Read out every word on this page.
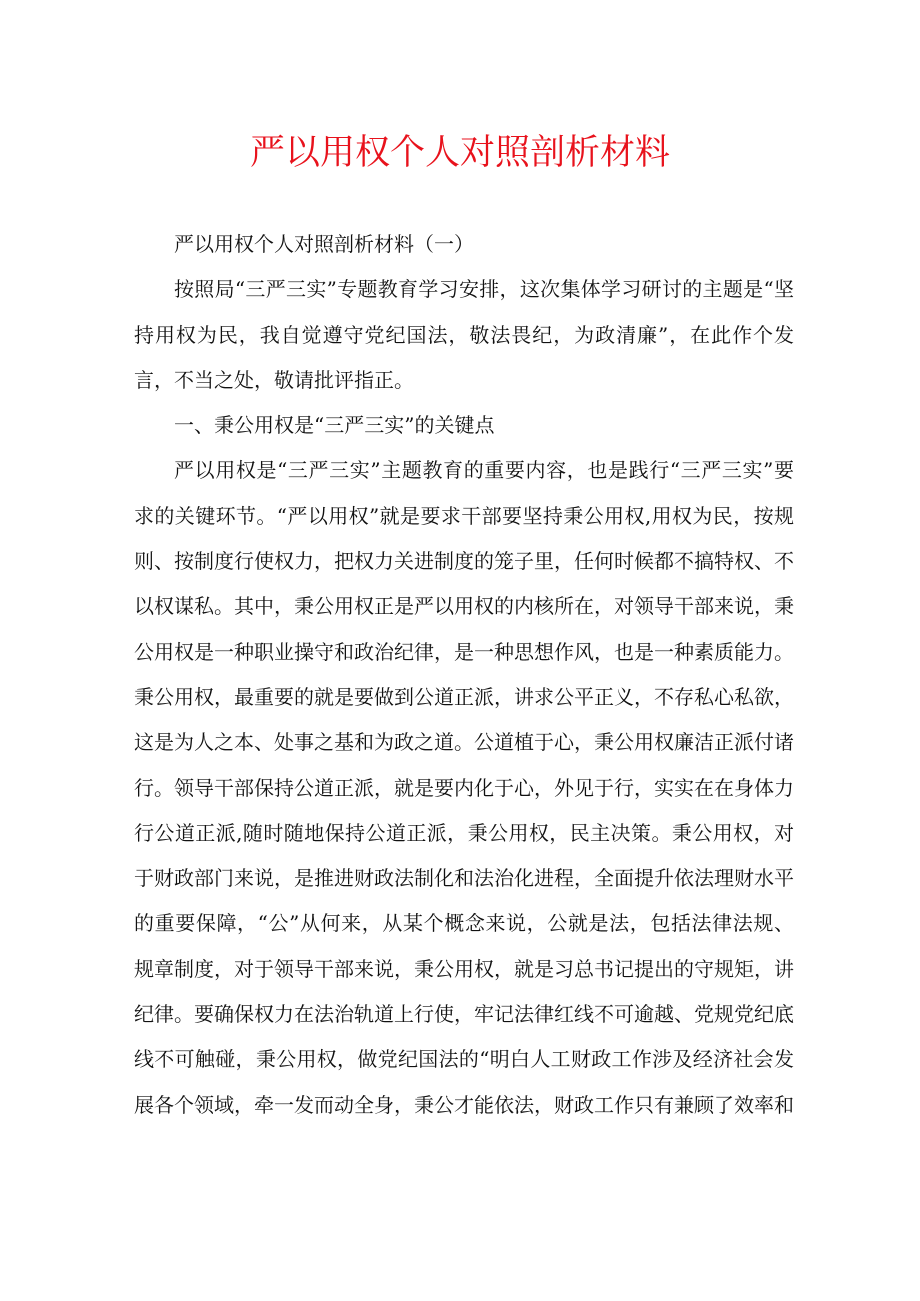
严以用权个人对照剖析材料

严以用权个人对照剖析材料（一）

按照局“三严三实”专题教育学习安排，这次集体学习研讨的主题是“坚持用权为民，我自觉遵守党纪国法，敬法畏纪，为政清廉”，在此作个发言，不当之处，敬请批评指正。

一、秉公用权是“三严三实”的关键点

严以用权是“三严三实”主题教育的重要内容，也是践行“三严三实”要求的关键环节。“严以用权”就是要求干部要坚持秉公用权,用权为民，按规则、按制度行使权力，把权力关进制度的笼子里，任何时候都不搞特权、不以权谋私。其中，秉公用权正是严以用权的内核所在，对领导干部来说，秉公用权是一种职业操守和政治纪律，是一种思想作风，也是一种素质能力。秉公用权，最重要的就是要做到公道正派，讲求公平正义，不存私心私欲，这是为人之本、处事之基和为政之道。公道植于心，秉公用权廉洁正派付诸行。领导干部保持公道正派，就是要内化于心，外见于行，实实在在身体力行公道正派,随时随地保持公道正派，秉公用权，民主决策。秉公用权，对于财政部门来说，是推进财政法制化和法治化进程，全面提升依法理财水平的重要保障，“公”从何来，从某个概念来说，公就是法，包括法律法规、规章制度，对于领导干部来说，秉公用权，就是习总书记提出的守规矩，讲纪律。要确保权力在法治轨道上行使，牢记法律红线不可逾越、党规党纪底线不可触碰，秉公用权，做党纪国法的“明白人工财政工作涉及经济社会发展各个领域，牵一发而动全身，秉公才能依法，财政工作只有兼顾了效率和
